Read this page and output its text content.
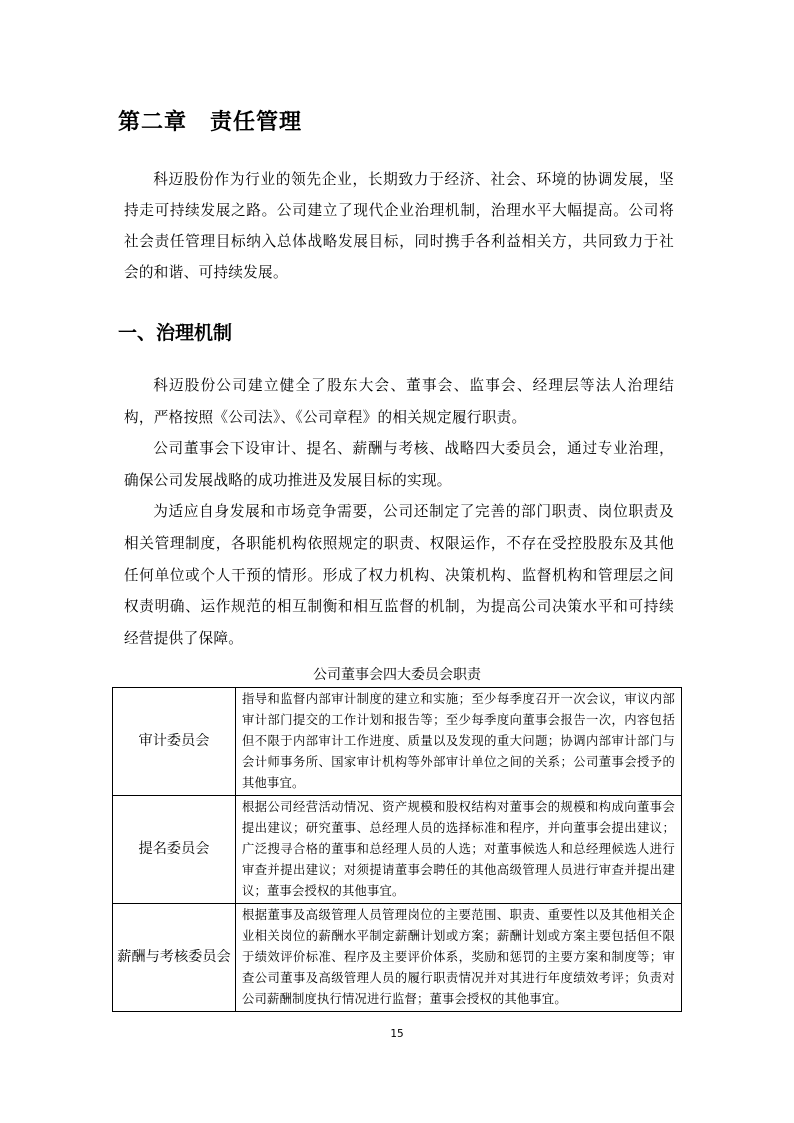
第二章　责任管理

科迈股份作为行业的领先企业，长期致力于经济、社会、环境的协调发展，坚持走可持续发展之路。公司建立了现代企业治理机制，治理水平大幅提高。公司将社会责任管理目标纳入总体战略发展目标，同时携手各利益相关方，共同致力于社会的和谐、可持续发展。

一、治理机制

科迈股份公司建立健全了股东大会、董事会、监事会、经理层等法人治理结构，严格按照《公司法》、《公司章程》的相关规定履行职责。

公司董事会下设审计、提名、薪酬与考核、战略四大委员会，通过专业治理，确保公司发展战略的成功推进及发展目标的实现。

为适应自身发展和市场竞争需要，公司还制定了完善的部门职责、岗位职责及相关管理制度，各职能机构依照规定的职责、权限运作，不存在受控股股东及其他任何单位或个人干预的情形。形成了权力机构、决策机构、监督机构和管理层之间权责明确、运作规范的相互制衡和相互监督的机制，为提高公司决策水平和可持续经营提供了保障。

公司董事会四大委员会职责
审计委员会	指导和监督内部审计制度的建立和实施；至少每季度召开一次会议，审议内部审计部门提交的工作计划和报告等；至少每季度向董事会报告一次，内容包括但不限于内部审计工作进度、质量以及发现的重大问题；协调内部审计部门与会计师事务所、国家审计机构等外部审计单位之间的关系；公司董事会授予的其他事宜。
提名委员会	根据公司经营活动情况、资产规模和股权结构对董事会的规模和构成向董事会提出建议；研究董事、总经理人员的选择标准和程序，并向董事会提出建议；广泛搜寻合格的董事和总经理人员的人选；对董事候选人和总经理候选人进行审查并提出建议；对须提请董事会聘任的其他高级管理人员进行审查并提出建议；董事会授权的其他事宜。
薪酬与考核委员会	根据董事及高级管理人员管理岗位的主要范围、职责、重要性以及其他相关企业相关岗位的薪酬水平制定薪酬计划或方案；薪酬计划或方案主要包括但不限于绩效评价标准、程序及主要评价体系，奖励和惩罚的主要方案和制度等；审查公司董事及高级管理人员的履行职责情况并对其进行年度绩效考评；负责对公司薪酬制度执行情况进行监督；董事会授权的其他事宜。
15
